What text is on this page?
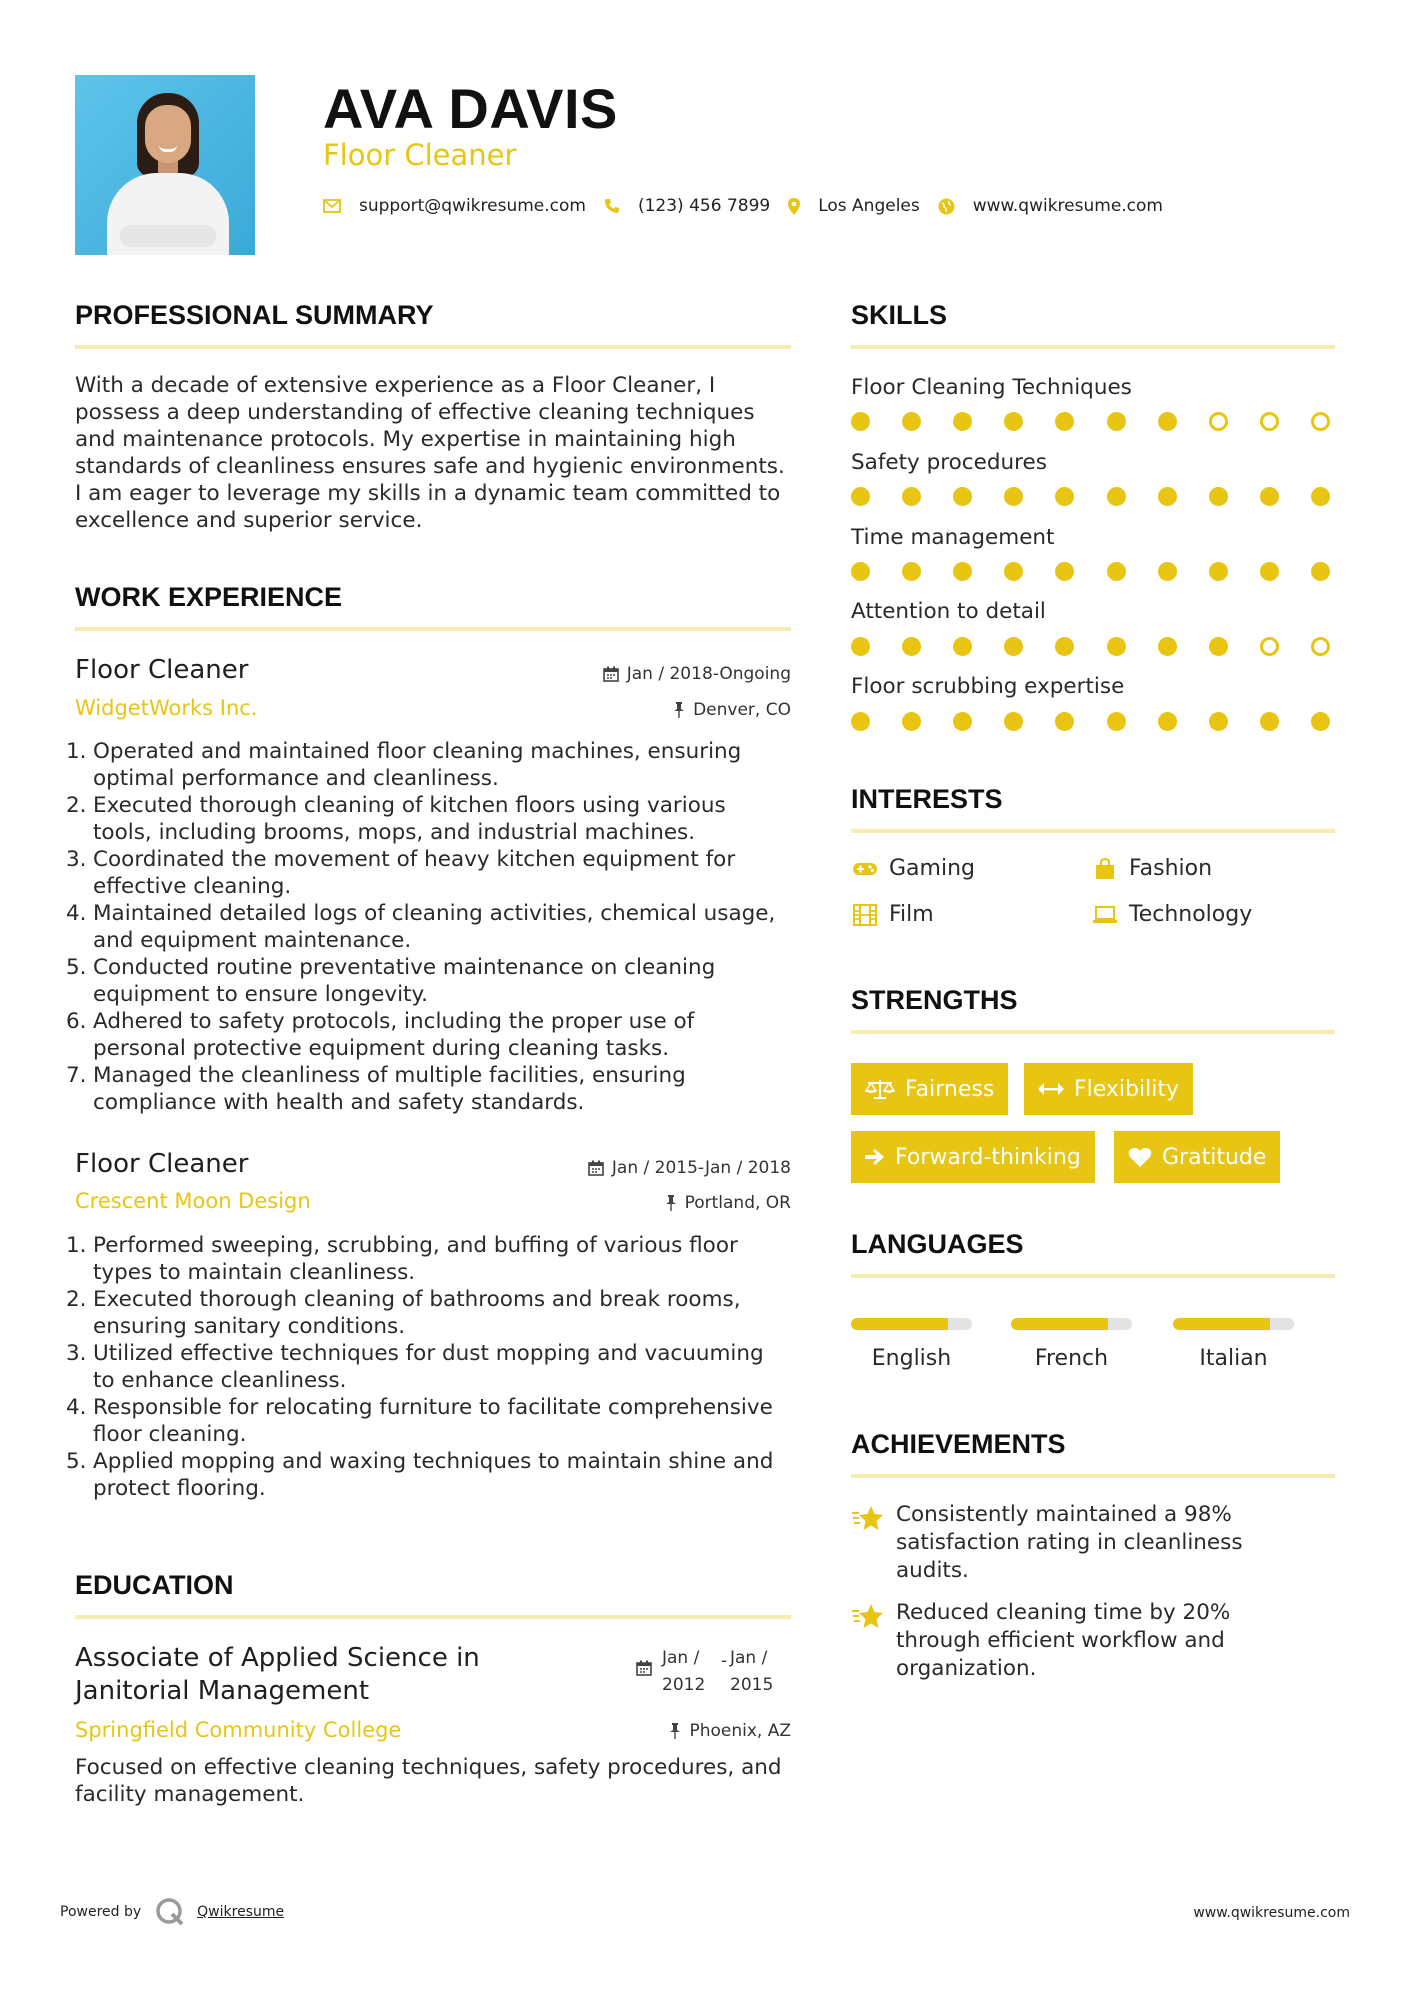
AVA DAVIS
Floor Cleaner
support@qwikresume.com	(123) 456 7899	Los Angeles	www.qwikresume.com
PROFESSIONAL SUMMARY
With a decade of extensive experience as a Floor Cleaner, I possess a deep understanding of effective cleaning techniques and maintenance protocols. My expertise in maintaining high standards of cleanliness ensures safe and hygienic environments. I am eager to leverage my skills in a dynamic team committed to excellence and superior service.
WORK EXPERIENCE
Floor Cleaner	Jan / 2018-Ongoing
WidgetWorks Inc.	Denver, CO
1. Operated and maintained floor cleaning machines, ensuring optimal performance and cleanliness.
2. Executed thorough cleaning of kitchen floors using various tools, including brooms, mops, and industrial machines.
3. Coordinated the movement of heavy kitchen equipment for effective cleaning.
4. Maintained detailed logs of cleaning activities, chemical usage, and equipment maintenance.
5. Conducted routine preventative maintenance on cleaning equipment to ensure longevity.
6. Adhered to safety protocols, including the proper use of personal protective equipment during cleaning tasks.
7. Managed the cleanliness of multiple facilities, ensuring compliance with health and safety standards.
Floor Cleaner	Jan / 2015-Jan / 2018
Crescent Moon Design	Portland, OR
1. Performed sweeping, scrubbing, and buffing of various floor types to maintain cleanliness.
2. Executed thorough cleaning of bathrooms and break rooms, ensuring sanitary conditions.
3. Utilized effective techniques for dust mopping and vacuuming to enhance cleanliness.
4. Responsible for relocating furniture to facilitate comprehensive floor cleaning.
5. Applied mopping and waxing techniques to maintain shine and protect flooring.
EDUCATION
Associate of Applied Science in Janitorial Management
Jan /
2012
- Jan /
2015
Springfield Community College	Phoenix, AZ
Focused on effective cleaning techniques, safety procedures, and facility management.
SKILLS
Floor Cleaning Techniques
Safety procedures
Time management
Attention to detail
Floor scrubbing expertise
INTERESTS
Gaming	Fashion
Film	Technology
STRENGTHS
Fairness	Flexibility
Forward-thinking	Gratitude
LANGUAGES
English	French	Italian
ACHIEVEMENTS
Consistently maintained a 98% satisfaction rating in cleanliness audits.
Reduced cleaning time by 20% through efficient workflow and organization.
Powered by	Qwikresume	www.qwikresume.com
